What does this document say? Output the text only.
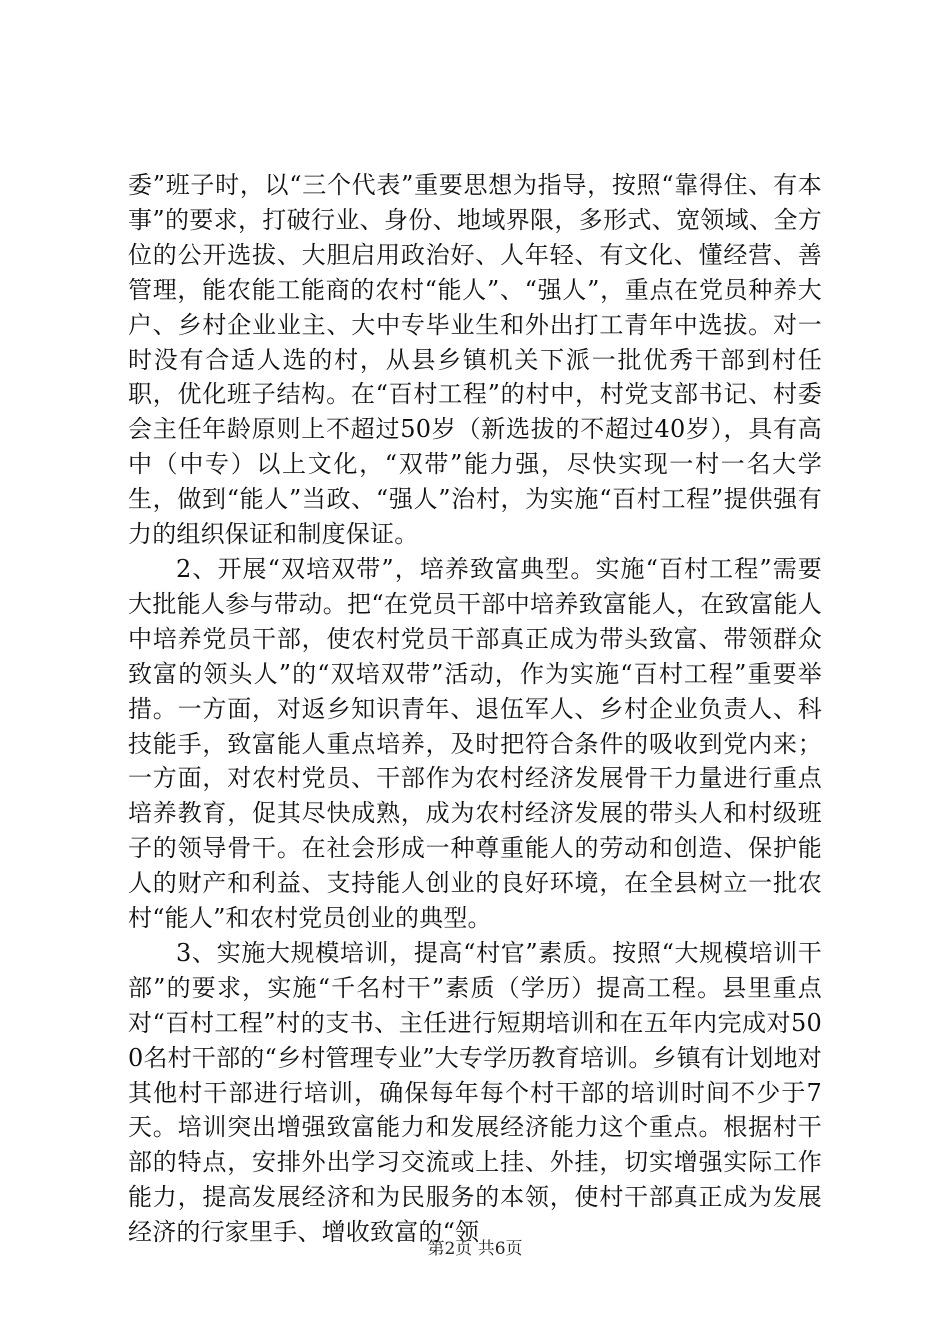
委”班子时，以“三个代表”重要思想为指导，按照“靠得住、有本事”的要求，打破行业、身份、地域界限，多形式、宽领域、全方位的公开选拔、大胆启用政治好、人年轻、有文化、懂经营、善管理，能农能工能商的农村“能人”、“强人”，重点在党员种养大户、乡村企业业主、大中专毕业生和外出打工青年中选拔。对一时没有合适人选的村，从县乡镇机关下派一批优秀干部到村任职，优化班子结构。在“百村工程”的村中，村党支部书记、村委会主任年龄原则上不超过50岁（新选拔的不超过40岁），具有高中（中专）以上文化，“双带”能力强，尽快实现一村一名大学生，做到“能人”当政、“强人”治村，为实施“百村工程”提供强有力的组织保证和制度保证。

2、开展“双培双带”，培养致富典型。实施“百村工程”需要大批能人参与带动。把“在党员干部中培养致富能人，在致富能人中培养党员干部，使农村党员干部真正成为带头致富、带领群众致富的领头人”的“双培双带”活动，作为实施“百村工程”重要举措。一方面，对返乡知识青年、退伍军人、乡村企业负责人、科技能手，致富能人重点培养，及时把符合条件的吸收到党内来；一方面，对农村党员、干部作为农村经济发展骨干力量进行重点培养教育，促其尽快成熟，成为农村经济发展的带头人和村级班子的领导骨干。在社会形成一种尊重能人的劳动和创造、保护能人的财产和利益、支持能人创业的良好环境，在全县树立一批农村“能人”和农村党员创业的典型。

3、实施大规模培训，提高“村官”素质。按照“大规模培训干部”的要求，实施“千名村干”素质（学历）提高工程。县里重点对“百村工程”村的支书、主任进行短期培训和在五年内完成对500名村干部的“乡村管理专业”大专学历教育培训。乡镇有计划地对其他村干部进行培训，确保每年每个村干部的培训时间不少于7天。培训突出增强致富能力和发展经济能力这个重点。根据村干部的特点，安排外出学习交流或上挂、外挂，切实增强实际工作能力，提高发展经济和为民服务的本领，使村干部真正成为发展经济的行家里手、增收致富的“领

第2页 共6页
